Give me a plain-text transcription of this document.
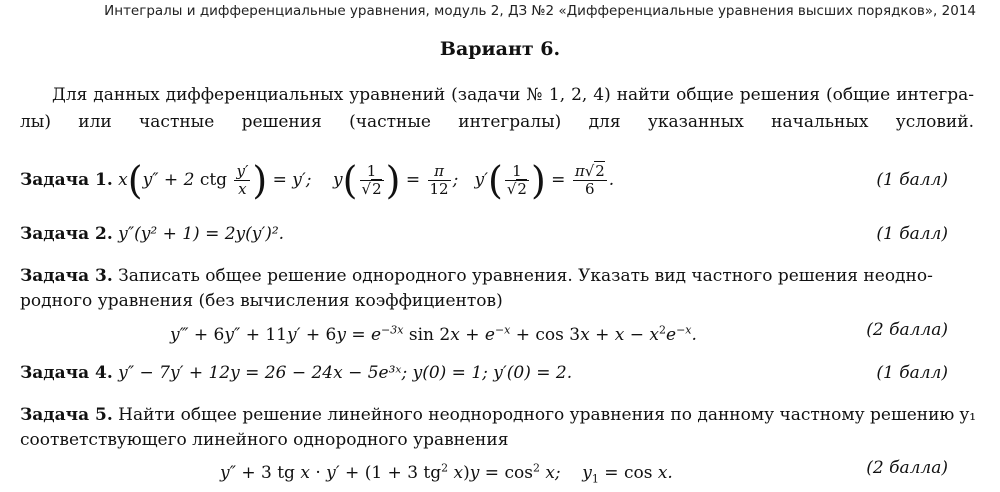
Интегралы и дифференциальные уравнения, модуль 2, ДЗ №2 «Дифференциальные уравнения высших порядков», 2014
Вариант 6.
Для данных дифференциальных уравнений (задачи № 1, 2, 4) найти общие решения (общие интегра-
лы) или частные решения (частные интегралы) для указанных начальных условий.
Задача 1. x(y″ + 2 ctg $\frac{y'}{x}$ ) = y′;    $y( \frac{1}{√2}$ ) = $\frac{\pi}{12}$ ;   $y'( \frac{1}{√2}$ ) = $\frac{\pi√2}{6}$ .	(1 балл)
Задача 2. y″(y² + 1) = 2y(y′)².	(1 балл)
Задача 3. Записать общее решение однородного уравнения. Указать вид частного решения неодно-
родного уравнения (без вычисления коэффициентов)
y‴ + $6y'' + 11y' + 6y = e^{-3x}$ $\sin 2x + e^{-x} + \cos 3x + x - x^2e^{-x}$.	(2 балла)
Задача 4. y″ − 7y′ + 12y = 26 − 24x − 5e³ˣ; y(0) = 1; y′(0) = 2.	(1 балл)
Задача 5. Найти общее решение линейного неоднородного уравнения по данному частному решению y₁
соответствующего линейного однородного уравнения
y″ + 3 tg x · y′ + (1 + 3 $tg^2$ $x)y = \cos^2 x$;    $y_1 = \cos x$.	(2 балла)
